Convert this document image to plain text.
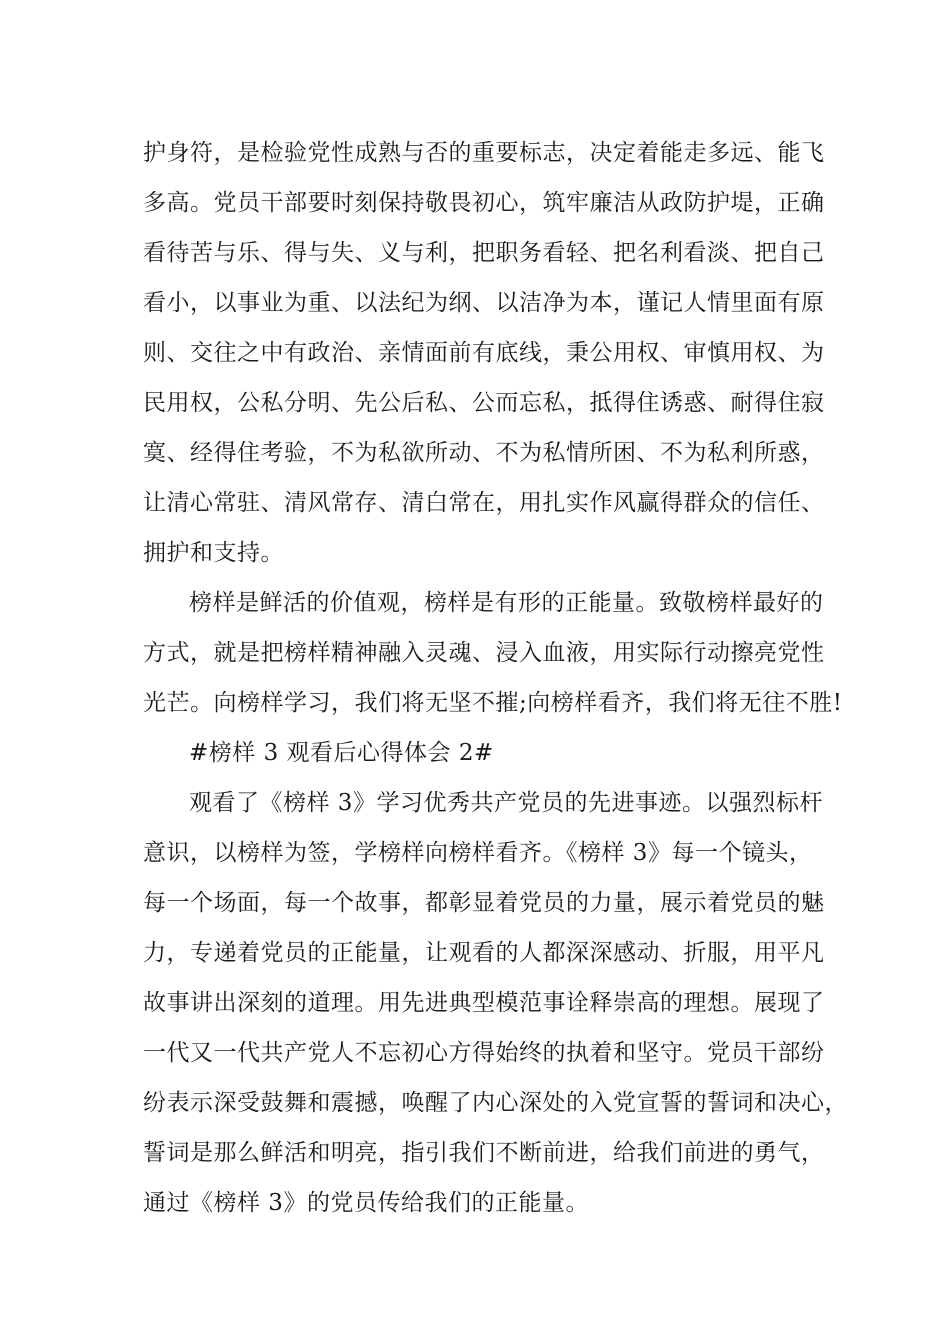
护身符，是检验党性成熟与否的重要标志，决定着能走多远、能飞
多高。党员干部要时刻保持敬畏初心，筑牢廉洁从政防护堤，正确
看待苦与乐、得与失、义与利，把职务看轻、把名利看淡、把自己
看小，以事业为重、以法纪为纲、以洁净为本，谨记人情里面有原
则、交往之中有政治、亲情面前有底线，秉公用权、审慎用权、为
民用权，公私分明、先公后私、公而忘私，抵得住诱惑、耐得住寂
寞、经得住考验，不为私欲所动、不为私情所困、不为私利所惑，
让清心常驻、清风常存、清白常在，用扎实作风赢得群众的信任、
拥护和支持。
榜样是鲜活的价值观，榜样是有形的正能量。致敬榜样最好的
方式，就是把榜样精神融入灵魂、浸入血液，用实际行动擦亮党性
光芒。向榜样学习，我们将无坚不摧;向榜样看齐，我们将无往不胜!
#榜样 3 观看后心得体会 2#
观看了《榜样 3》学习优秀共产党员的先进事迹。以强烈标杆
意识，以榜样为签，学榜样向榜样看齐。《榜样 3》每一个镜头，
每一个场面，每一个故事，都彰显着党员的力量，展示着党员的魅
力，专递着党员的正能量，让观看的人都深深感动、折服，用平凡
故事讲出深刻的道理。用先进典型模范事诠释崇高的理想。展现了
一代又一代共产党人不忘初心方得始终的执着和坚守。党员干部纷
纷表示深受鼓舞和震撼，唤醒了内心深处的入党宣誓的誓词和决心，
誓词是那么鲜活和明亮，指引我们不断前进，给我们前进的勇气，
通过《榜样 3》的党员传给我们的正能量。
